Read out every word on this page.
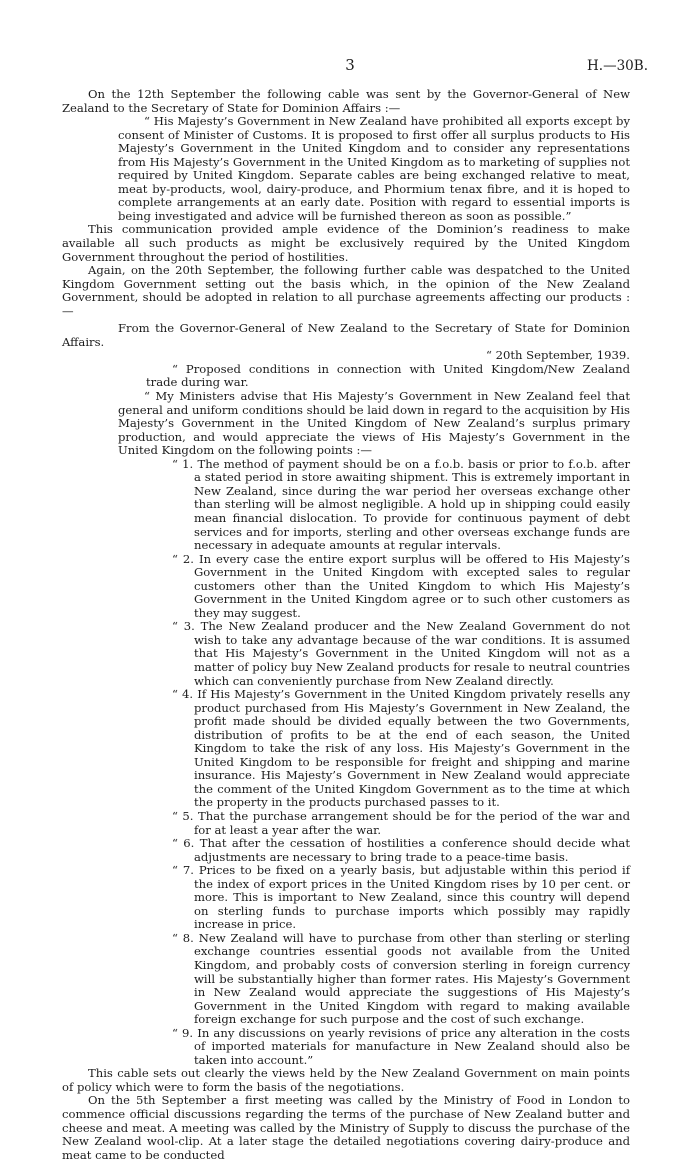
3	H.—30B.

On the 12th September the following cable was sent by the Governor-General of New Zealand to the Secretary of State for Dominion Affairs :—

“ His Majesty’s Government in New Zealand have prohibited all exports except by consent of Minister of Customs. It is proposed to first offer all surplus products to His Majesty’s Government in the United Kingdom and to consider any representations from His Majesty’s Government in the United Kingdom as to marketing of supplies not required by United Kingdom. Separate cables are being exchanged relative to meat, meat by-products, wool, dairy-produce, and Phormium tenax fibre, and it is hoped to complete arrangements at an early date. Position with regard to essential imports is being investigated and advice will be furnished thereon as soon as possible.”

This communication provided ample evidence of the Dominion’s readiness to make available all such products as might be exclusively required by the United Kingdom Government throughout the period of hostilities.

Again, on the 20th September, the following further cable was despatched to the United Kingdom Government setting out the basis which, in the opinion of the New Zealand Government, should be adopted in relation to all purchase agreements affecting our products :—

From the Governor-General of New Zealand to the Secretary of State for Dominion Affairs.

“ 20th September, 1939.

“ Proposed conditions in connection with United Kingdom/New Zealand trade during war.

“ My Ministers advise that His Majesty’s Government in New Zealand feel that general and uniform conditions should be laid down in regard to the acquisition by His Majesty’s Government in the United Kingdom of New Zealand’s surplus primary production, and would appreciate the views of His Majesty’s Government in the United Kingdom on the following points :—

“ 1. The method of payment should be on a f.o.b. basis or prior to f.o.b. after a stated period in store awaiting shipment. This is extremely important in New Zealand, since during the war period her overseas exchange other than sterling will be almost negligible. A hold up in shipping could easily mean financial dislocation. To provide for continuous payment of debt services and for imports, sterling and other overseas exchange funds are necessary in adequate amounts at regular intervals.

“ 2. In every case the entire export surplus will be offered to His Majesty’s Government in the United Kingdom with excepted sales to regular customers other than the United Kingdom to which His Majesty’s Government in the United Kingdom agree or to such other customers as they may suggest.

“ 3. The New Zealand producer and the New Zealand Government do not wish to take any advantage because of the war conditions. It is assumed that His Majesty’s Government in the United Kingdom will not as a matter of policy buy New Zealand products for resale to neutral countries which can conveniently purchase from New Zealand directly.

“ 4. If His Majesty’s Government in the United Kingdom privately resells any product purchased from His Majesty’s Government in New Zealand, the profit made should be divided equally between the two Governments, distribution of profits to be at the end of each season, the United Kingdom to take the risk of any loss. His Majesty’s Government in the United Kingdom to be responsible for freight and shipping and marine insurance. His Majesty’s Government in New Zealand would appreciate the comment of the United Kingdom Government as to the time at which the property in the products purchased passes to it.

“ 5. That the purchase arrangement should be for the period of the war and for at least a year after the war.

“ 6. That after the cessation of hostilities a conference should decide what adjustments are necessary to bring trade to a peace-time basis.

“ 7. Prices to be fixed on a yearly basis, but adjustable within this period if the index of export prices in the United Kingdom rises by 10 per cent. or more. This is important to New Zealand, since this country will depend on sterling funds to purchase imports which possibly may rapidly increase in price.

“ 8. New Zealand will have to purchase from other than sterling or sterling exchange countries essential goods not available from the United Kingdom, and probably costs of conversion sterling in foreign currency will be substantially higher than former rates. His Majesty’s Government in New Zealand would appreciate the suggestions of His Majesty’s Government in the United Kingdom with regard to making available foreign exchange for such purpose and the cost of such exchange.

“ 9. In any discussions on yearly revisions of price any alteration in the costs of imported materials for manufacture in New Zealand should also be taken into account.”

This cable sets out clearly the views held by the New Zealand Government on main points of policy which were to form the basis of the negotiations.

On the 5th September a first meeting was called by the Ministry of Food in London to commence official discussions regarding the terms of the purchase of New Zealand butter and cheese and meat. A meeting was called by the Ministry of Supply to discuss the purchase of the New Zealand wool-clip. At a later stage the detailed negotiations covering dairy-produce and meat came to be conducted
